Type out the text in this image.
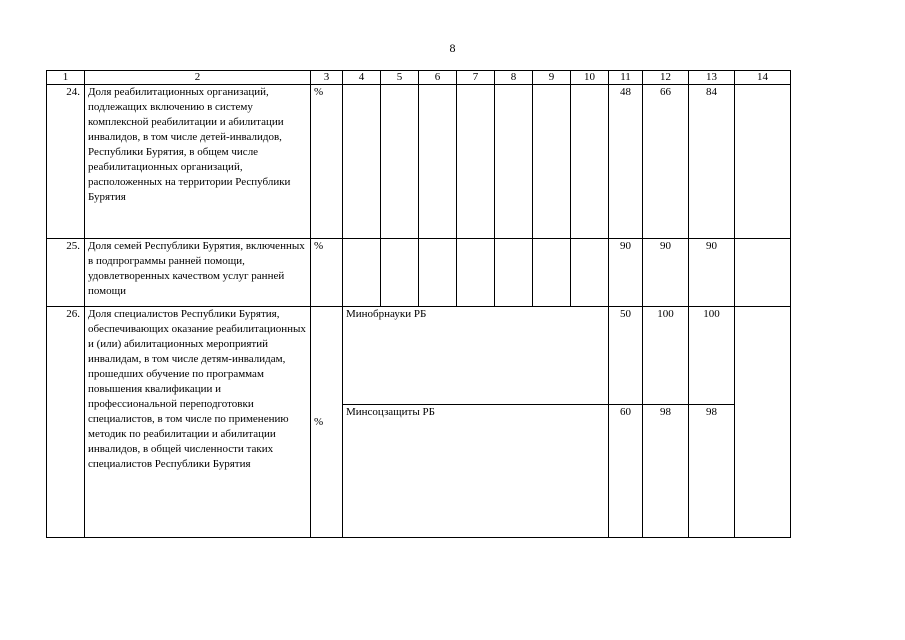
8
1	2	3	4	5	6	7	8	9	10	11	12	13	14
24.	Доля реабилитационных организаций, подлежащих включению в систему комплексной реабилитации и абилитации инвалидов, в том числе детей-инвалидов, Республики Бурятия, в общем числе реабилитационных организаций, расположенных на территории Республики Бурятия	%								48	66	84	
25.	Доля семей Республики Бурятия, включенных в подпрограммы ранней помощи, удовлетворенных качеством услуг ранней помощи	%								90	90	90	
26.	Доля специалистов Республики Бурятия, обеспечивающих оказание реабилитационных и (или) абилитационных мероприятий инвалидам, в том числе детям-инвалидам, прошедших обучение по программам повышения квалификации и профессиональной переподготовки специалистов, в том числе по применению методик по реабилитации и абилитации инвалидов, в общей численности таких специалистов Республики Бурятия	%	Минобрнауки РБ							50	100	100	
			Минсоцзащиты РБ							60	98	98	
